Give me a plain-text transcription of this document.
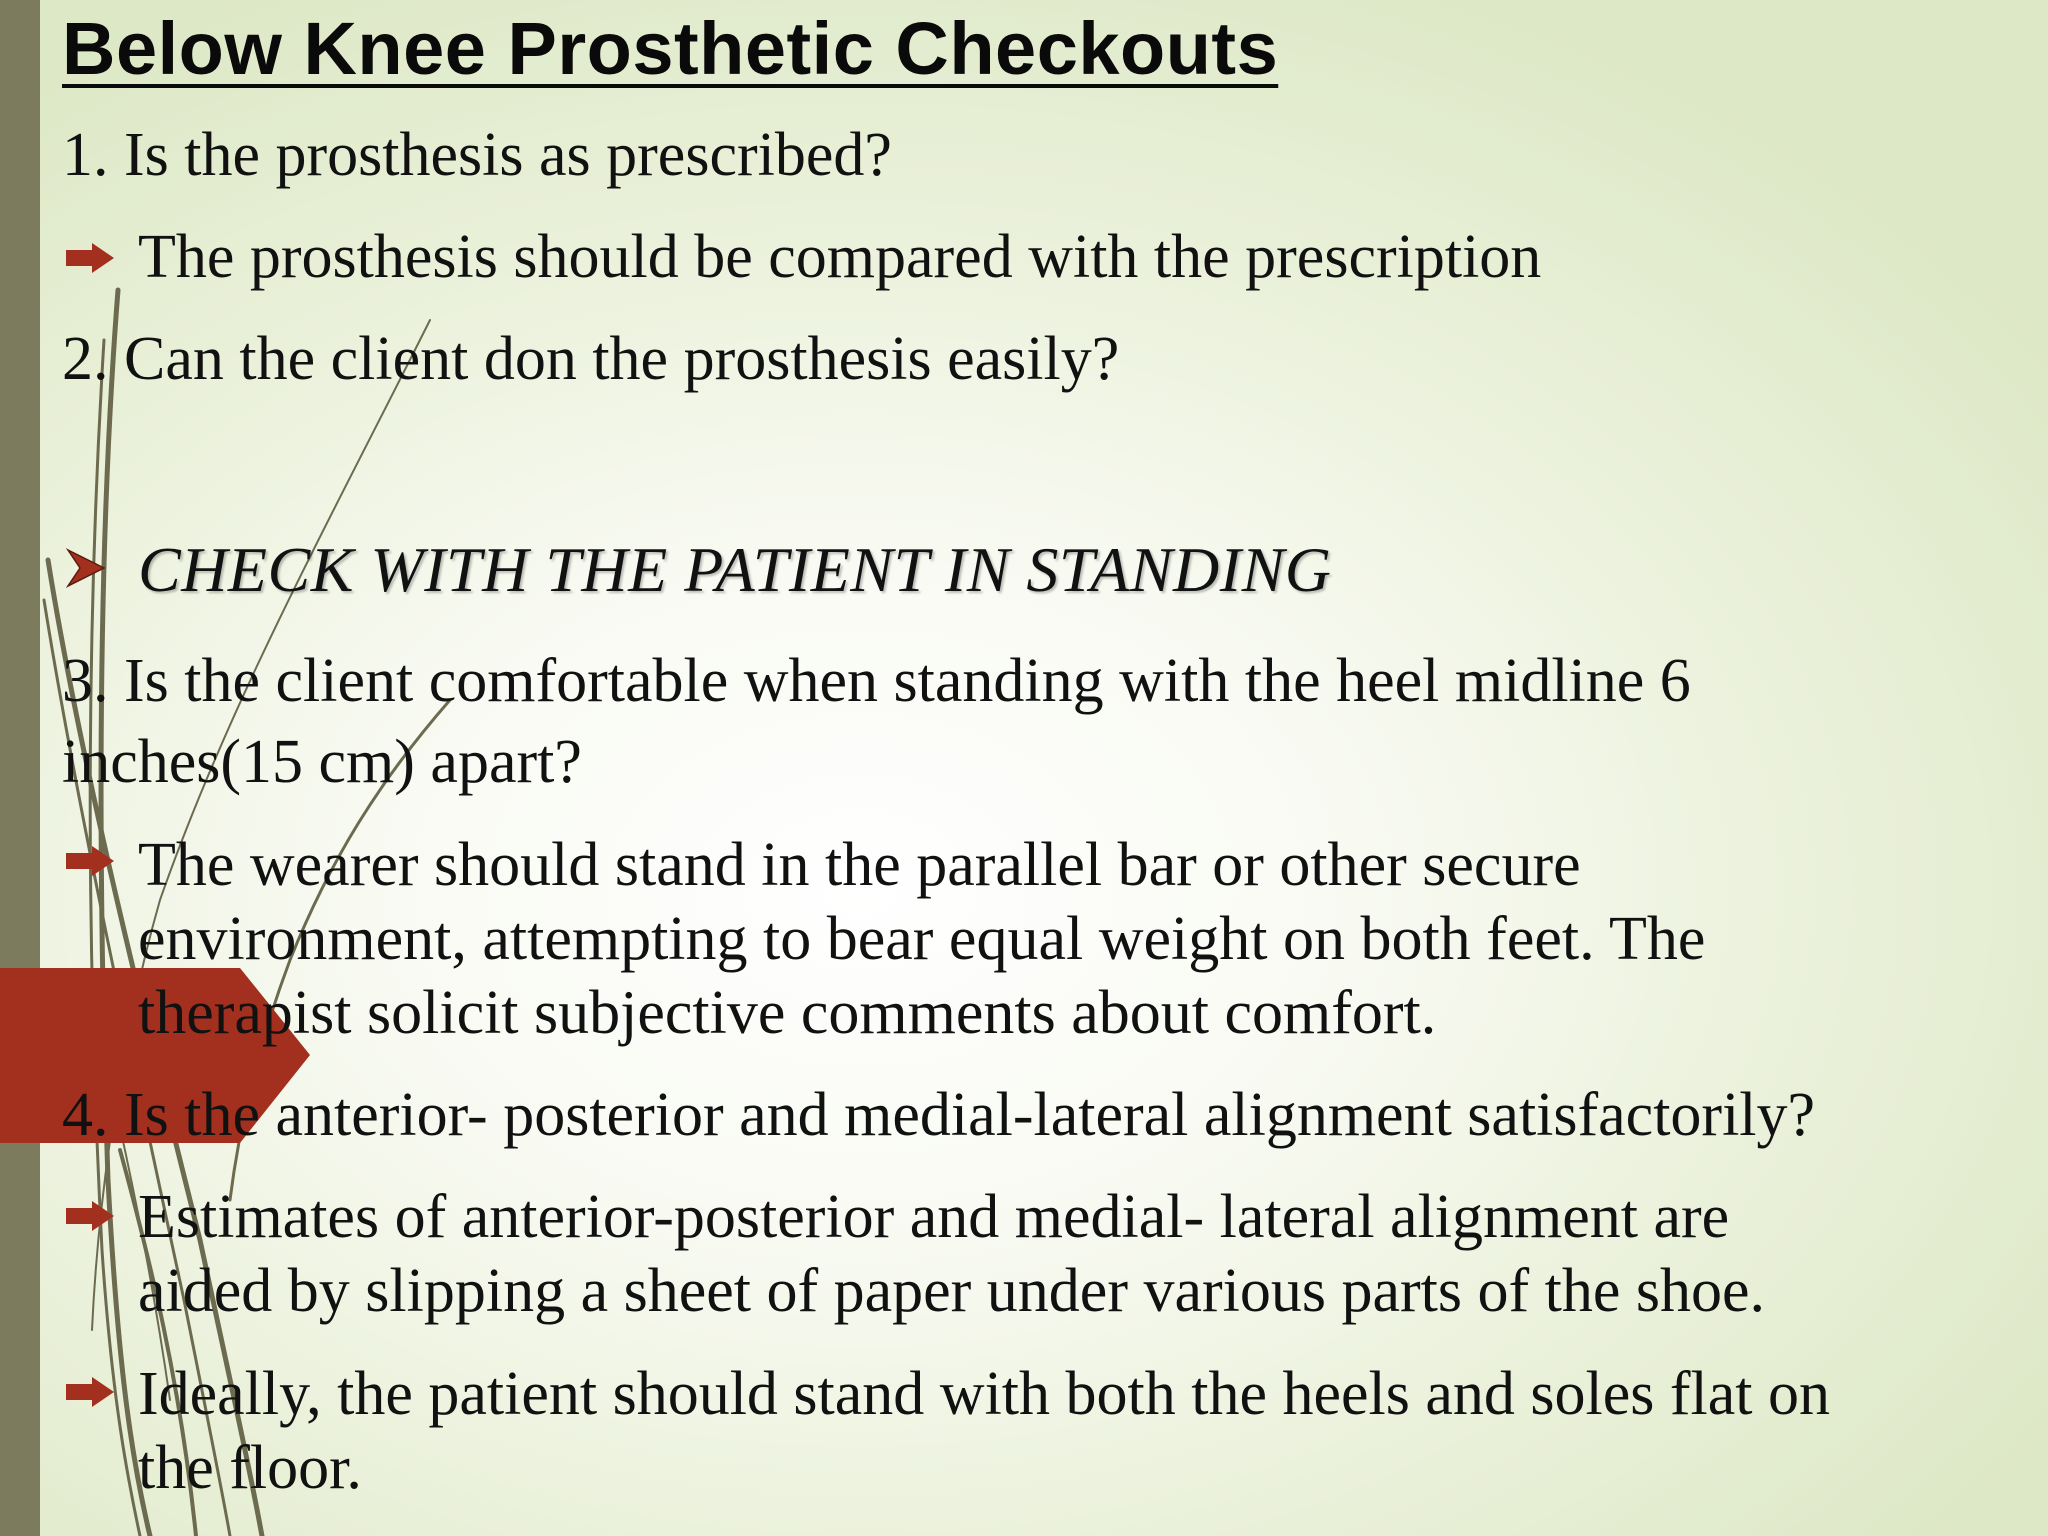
Below Knee Prosthetic Checkouts
1. Is the prosthesis as prescribed?
The prosthesis should be compared with the prescription
2. Can the client don the prosthesis easily?
CHECK WITH THE PATIENT IN STANDING
3. Is the client comfortable when standing with the heel midline 6
inches(15 cm) apart?
The wearer should stand in the parallel bar or other secure
environment, attempting to bear equal weight on both feet. The
therapist solicit subjective comments about comfort.
4. Is the anterior- posterior and medial-lateral alignment satisfactorily?
Estimates of anterior-posterior and medial- lateral alignment are
aided by slipping a sheet of paper under various parts of the shoe.
Ideally, the patient should stand with both the heels and soles flat on
the floor.
